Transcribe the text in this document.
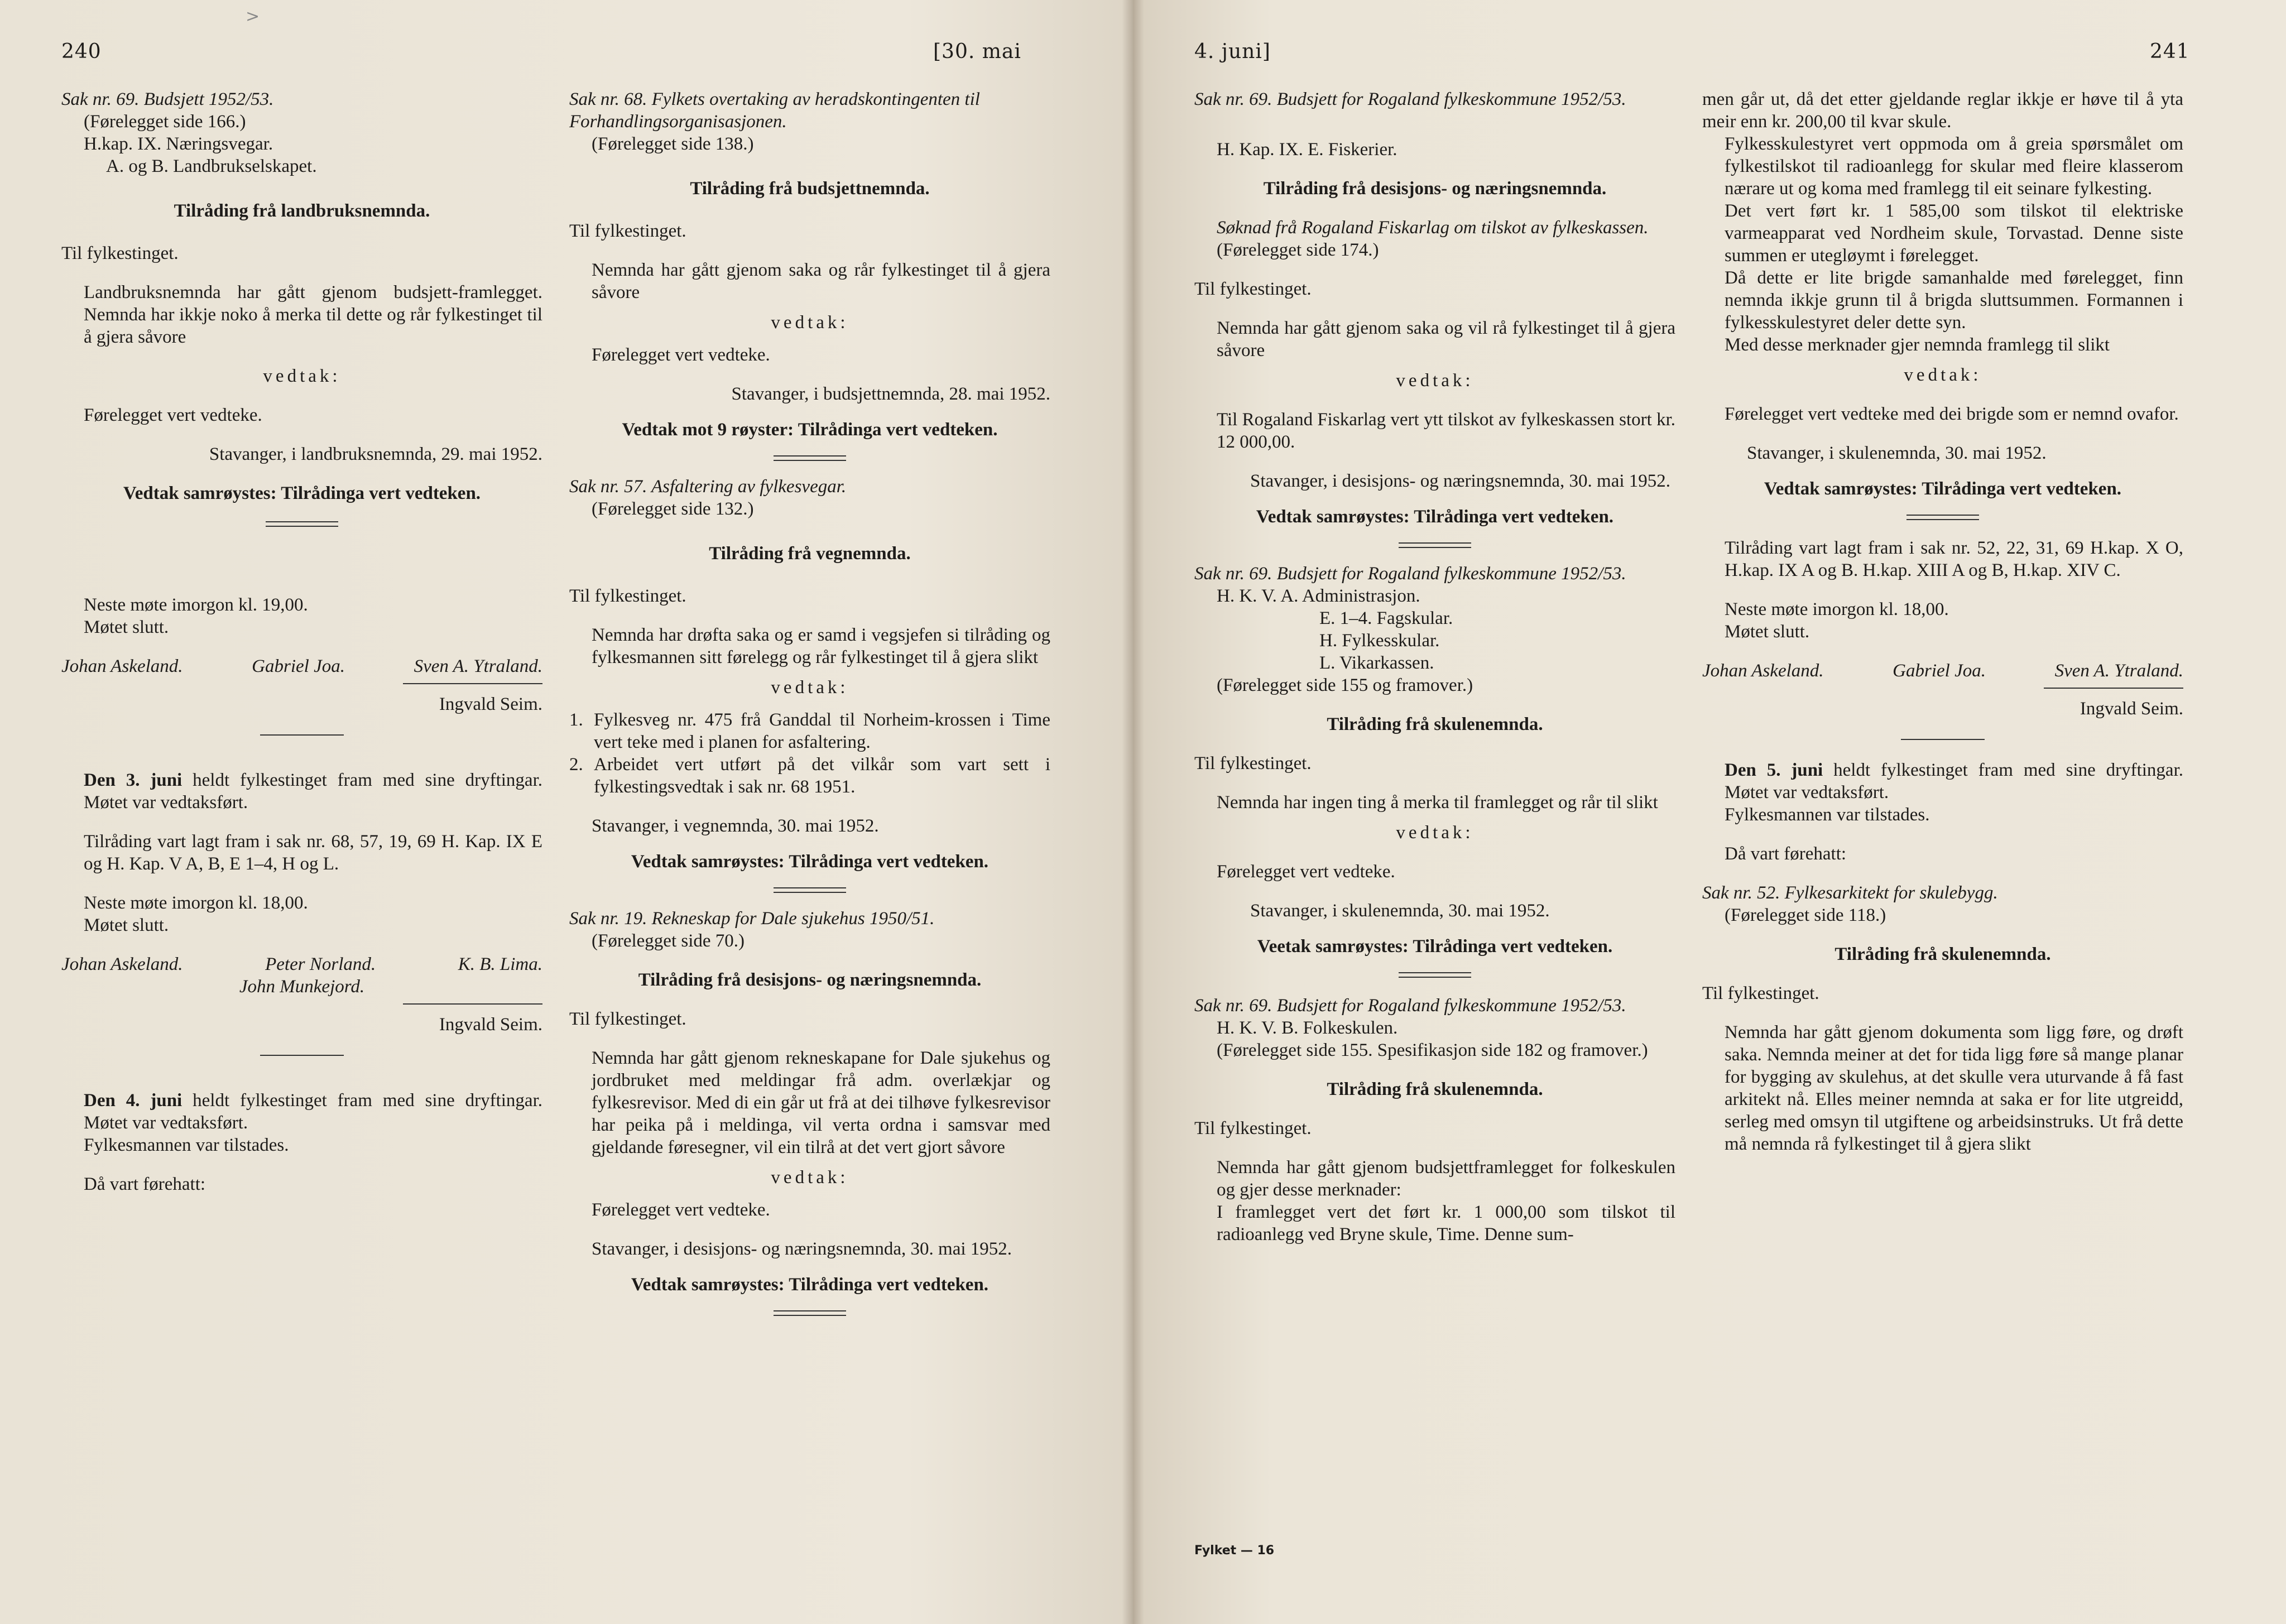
>
240	[30. mai	4. juni]	241

Sak nr. 69. Budsjett 1952/53.

(Førelegget side 166.)

H.kap. IX. Næringsvegar.

A. og B. Landbrukselskapet.

Tilråding frå landbruksnemnda.

Til fylkestinget.

Landbruksnemnda har gått gjenom budsjett-framlegget. Nemnda har ikkje noko å merka til dette og rår fylkestinget til å gjera såvore

vedtak:

Førelegget vert vedteke.

Stavanger, i landbruksnemnda, 29. mai 1952.

Vedtak samrøystes: Tilrådinga vert vedteken.

Neste møte imorgon kl. 19,00.

Møtet slutt.

Johan Askeland.	Gabriel Joa.	Sven A. Ytraland.

Ingvald Seim.

Den 3. juni heldt fylkestinget fram med sine dryftingar. Møtet var vedtaksført.

Tilråding vart lagt fram i sak nr. 68, 57, 19, 69 H. Kap. IX E og H. Kap. V A, B, E 1–4, H og L.

Neste møte imorgon kl. 18,00.

Møtet slutt.

Johan Askeland.	Peter Norland.	K. B. Lima.

John Munkejord.

Ingvald Seim.

Den 4. juni heldt fylkestinget fram med sine dryftingar. Møtet var vedtaksført.

Fylkesmannen var tilstades.

Då vart førehatt:

Sak nr. 68. Fylkets overtaking av heradskontingenten til Forhandlingsorganisasjonen.

(Førelegget side 138.)

Tilråding frå budsjettnemnda.

Til fylkestinget.

Nemnda har gått gjenom saka og rår fylkestinget til å gjera såvore

vedtak:

Førelegget vert vedteke.

Stavanger, i budsjettnemnda, 28. mai 1952.

Vedtak mot 9 røyster: Tilrådinga vert vedteken.

Sak nr. 57. Asfaltering av fylkesvegar.

(Førelegget side 132.)

Tilråding frå vegnemnda.

Til fylkestinget.

Nemnda har drøfta saka og er samd i vegsjefen si tilråding og fylkesmannen sitt førelegg og rår fylkestinget til å gjera slikt

vedtak:

1. Fylkesveg nr. 475 frå Ganddal til Norheim-krossen i Time vert teke med i planen for asfaltering.
2. Arbeidet vert utført på det vilkår som vart sett i fylkestingsvedtak i sak nr. 68 1951.

Stavanger, i vegnemnda, 30. mai 1952.

Vedtak samrøystes: Tilrådinga vert vedteken.

Sak nr. 19. Rekneskap for Dale sjukehus 1950/51.

(Førelegget side 70.)

Tilråding frå desisjons- og næringsnemnda.

Til fylkestinget.

Nemnda har gått gjenom rekneskapane for Dale sjukehus og jordbruket med meldingar frå adm. overlækjar og fylkesrevisor. Med di ein går ut frå at dei tilhøve fylkesrevisor har peika på i meldinga, vil verta ordna i samsvar med gjeldande føresegner, vil ein tilrå at det vert gjort såvore

vedtak:

Førelegget vert vedteke.

Stavanger, i desisjons- og næringsnemnda, 30. mai 1952.

Vedtak samrøystes: Tilrådinga vert vedteken.

Sak nr. 69. Budsjett for Rogaland fylkeskommune 1952/53.

H. Kap. IX. E. Fiskerier.

Tilråding frå desisjons- og næringsnemnda.

Søknad frå Rogaland Fiskarlag om tilskot av fylkeskassen.

(Førelegget side 174.)

Til fylkestinget.

Nemnda har gått gjenom saka og vil rå fylkestinget til å gjera såvore

vedtak:

Til Rogaland Fiskarlag vert ytt tilskot av fylkeskassen stort kr. 12 000,00.

Stavanger, i desisjons- og næringsnemnda, 30. mai 1952.

Vedtak samrøystes: Tilrådinga vert vedteken.

Sak nr. 69. Budsjett for Rogaland fylkeskommune 1952/53.

H. K. V. A. Administrasjon.

E. 1–4. Fagskular.

H. Fylkesskular.

L. Vikarkassen.

(Førelegget side 155 og framover.)

Tilråding frå skulenemnda.

Til fylkestinget.

Nemnda har ingen ting å merka til framlegget og rår til slikt

vedtak:

Førelegget vert vedteke.

Stavanger, i skulenemnda, 30. mai 1952.

Veetak samrøystes: Tilrådinga vert vedteken.

Sak nr. 69. Budsjett for Rogaland fylkeskommune 1952/53.

H. K. V. B. Folkeskulen.

(Førelegget side 155. Spesifikasjon side 182 og framover.)

Tilråding frå skulenemnda.

Til fylkestinget.

Nemnda har gått gjenom budsjettframlegget for folkeskulen og gjer desse merknader:

I framlegget vert det ført kr. 1 000,00 som tilskot til radioanlegg ved Bryne skule, Time. Denne sum-

Fylket — 16

men går ut, då det etter gjeldande reglar ikkje er høve til å yta meir enn kr. 200,00 til kvar skule.

Fylkesskulestyret vert oppmoda om å greia spørsmålet om fylkestilskot til radioanlegg for skular med fleire klasserom nærare ut og koma med framlegg til eit seinare fylkesting.

Det vert ført kr. 1 585,00 som tilskot til elektriske varmeapparat ved Nordheim skule, Torvastad. Denne siste summen er utegløymt i førelegget.

Då dette er lite brigde samanhalde med førelegget, finn nemnda ikkje grunn til å brigda sluttsummen. Formannen i fylkesskulestyret deler dette syn.

Med desse merknader gjer nemnda framlegg til slikt

vedtak:

Førelegget vert vedteke med dei brigde som er nemnd ovafor.

Stavanger, i skulenemnda, 30. mai 1952.

Vedtak samrøystes: Tilrådinga vert vedteken.

Tilråding vart lagt fram i sak nr. 52, 22, 31, 69 H.kap. X O, H.kap. IX A og B. H.kap. XIII A og B, H.kap. XIV C.

Neste møte imorgon kl. 18,00.

Møtet slutt.

Johan Askeland.	Gabriel Joa.	Sven A. Ytraland.

Ingvald Seim.

Den 5. juni heldt fylkestinget fram med sine dryftingar. Møtet var vedtaksført.

Fylkesmannen var tilstades.

Då vart førehatt:

Sak nr. 52. Fylkesarkitekt for skulebygg.

(Førelegget side 118.)

Tilråding frå skulenemnda.

Til fylkestinget.

Nemnda har gått gjenom dokumenta som ligg føre, og drøft saka. Nemnda meiner at det for tida ligg føre så mange planar for bygging av skulehus, at det skulle vera uturvande å få fast arkitekt nå. Elles meiner nemnda at saka er for lite utgreidd, serleg med omsyn til utgiftene og arbeidsinstruks. Ut frå dette må nemnda rå fylkestinget til å gjera slikt
